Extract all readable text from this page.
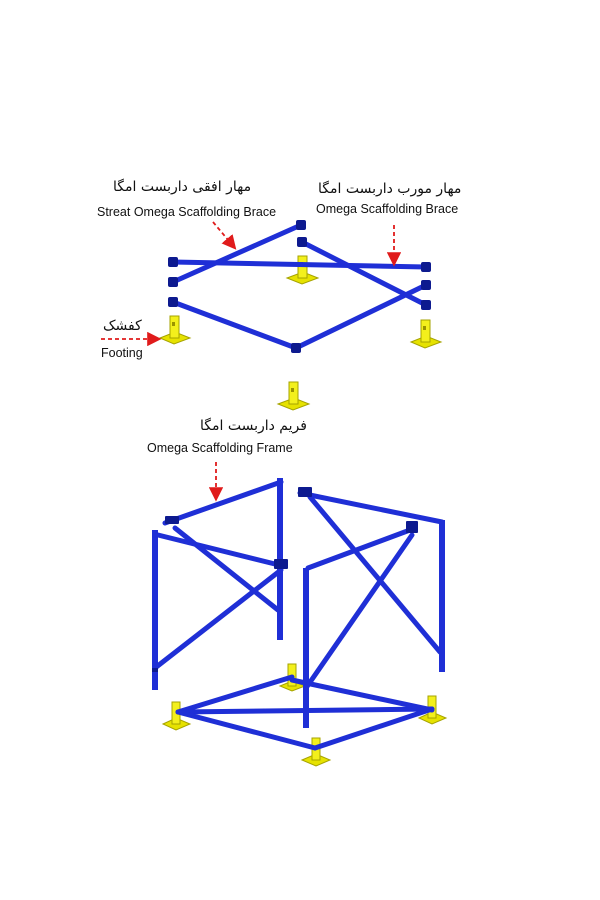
مهار افقی داربست امگا
Streat Omega Scaffolding Brace
مهار مورب داربست امگا
Omega Scaffolding Brace
کفشک
Footing
فریم داربست امگا
Omega Scaffolding Frame
